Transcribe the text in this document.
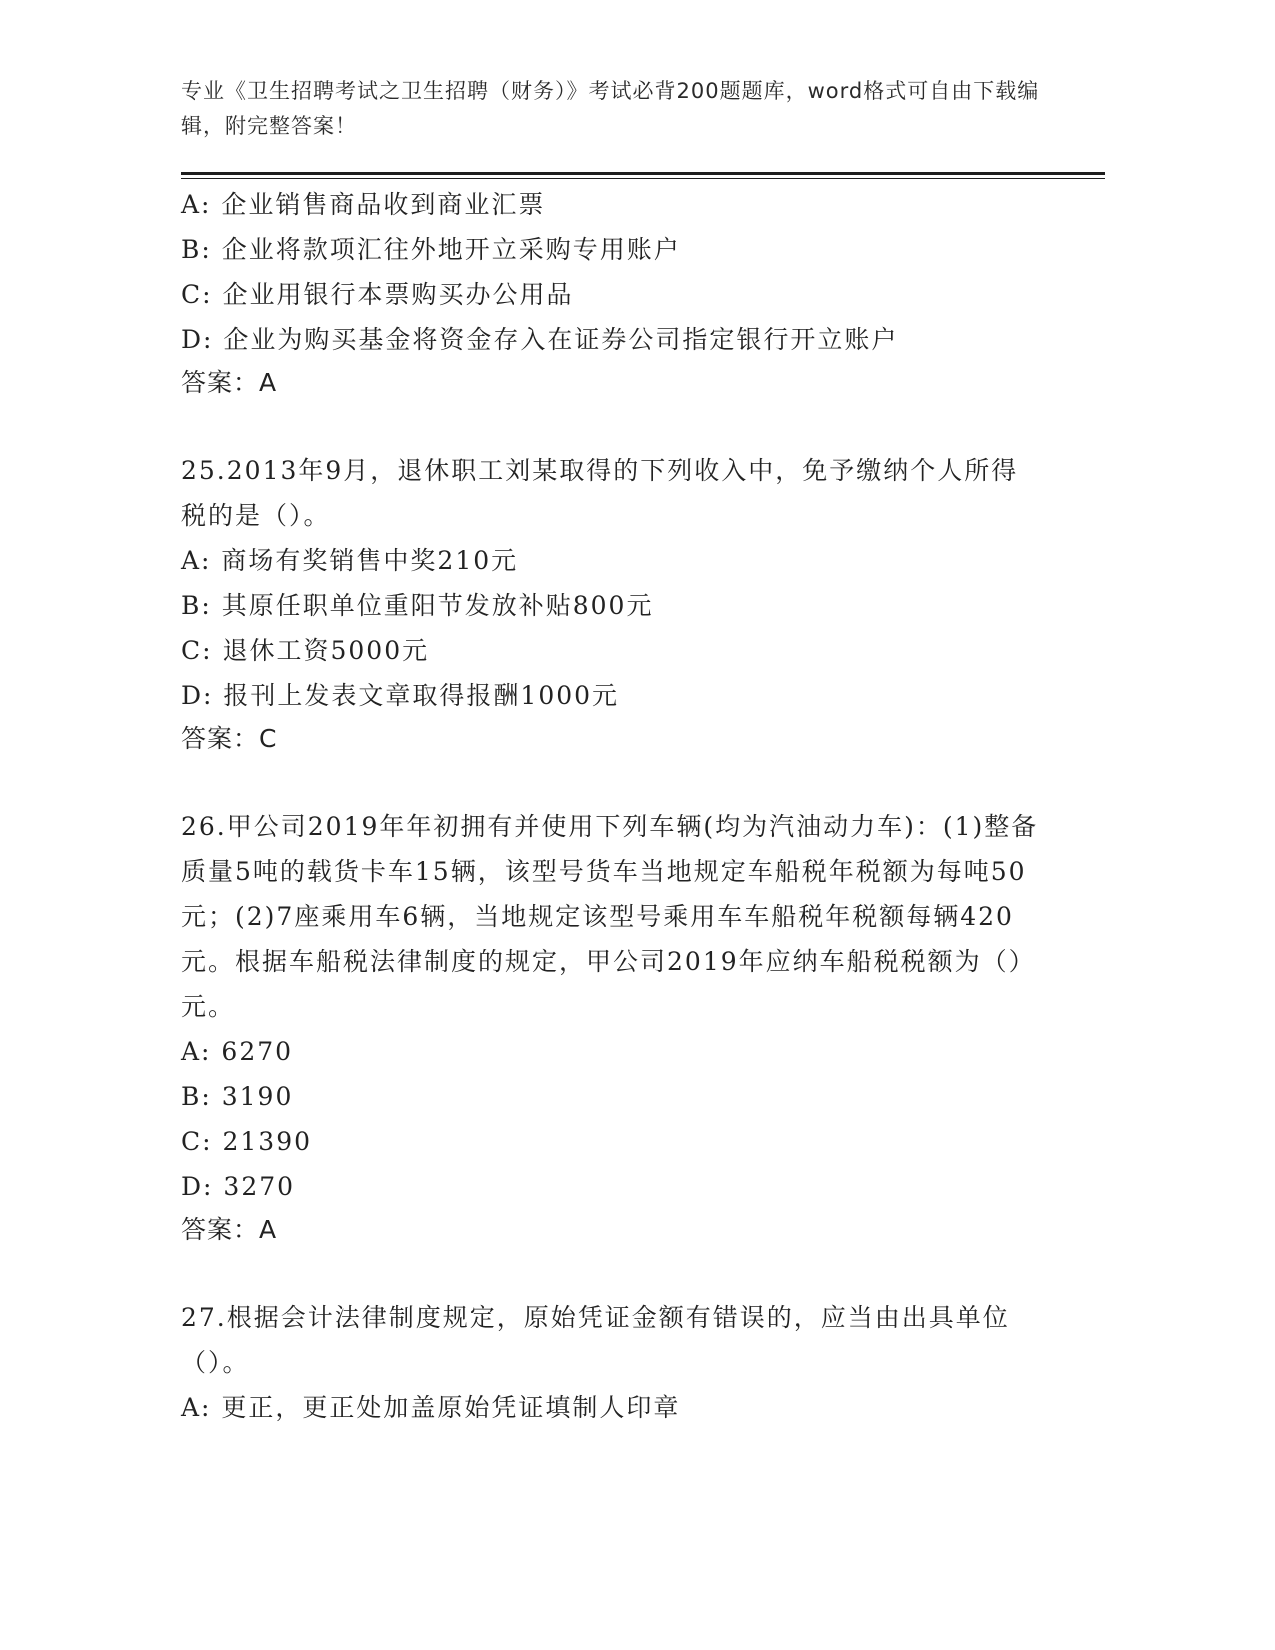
专业《卫生招聘考试之卫生招聘（财务）》考试必背200题题库，word格式可自由下载编辑，附完整答案！
A: 企业销售商品收到商业汇票
B: 企业将款项汇往外地开立采购专用账户
C: 企业用银行本票购买办公用品
D: 企业为购买基金将资金存入在证券公司指定银行开立账户
答案：A
25.2013年9月，退休职工刘某取得的下列收入中，免予缴纳个人所得税的是（）。
A: 商场有奖销售中奖210元
B: 其原任职单位重阳节发放补贴800元
C: 退休工资5000元
D: 报刊上发表文章取得报酬1000元
答案：C
26.甲公司2019年年初拥有并使用下列车辆(均为汽油动力车)：(1)整备质量5吨的载货卡车15辆，该型号货车当地规定车船税年税额为每吨50元；(2)7座乘用车6辆，当地规定该型号乘用车车船税年税额每辆420元。根据车船税法律制度的规定，甲公司2019年应纳车船税税额为（）元。
A: 6270
B: 3190
C: 21390
D: 3270
答案：A
27.根据会计法律制度规定，原始凭证金额有错误的，应当由出具单位（）。
A: 更正，更正处加盖原始凭证填制人印章
